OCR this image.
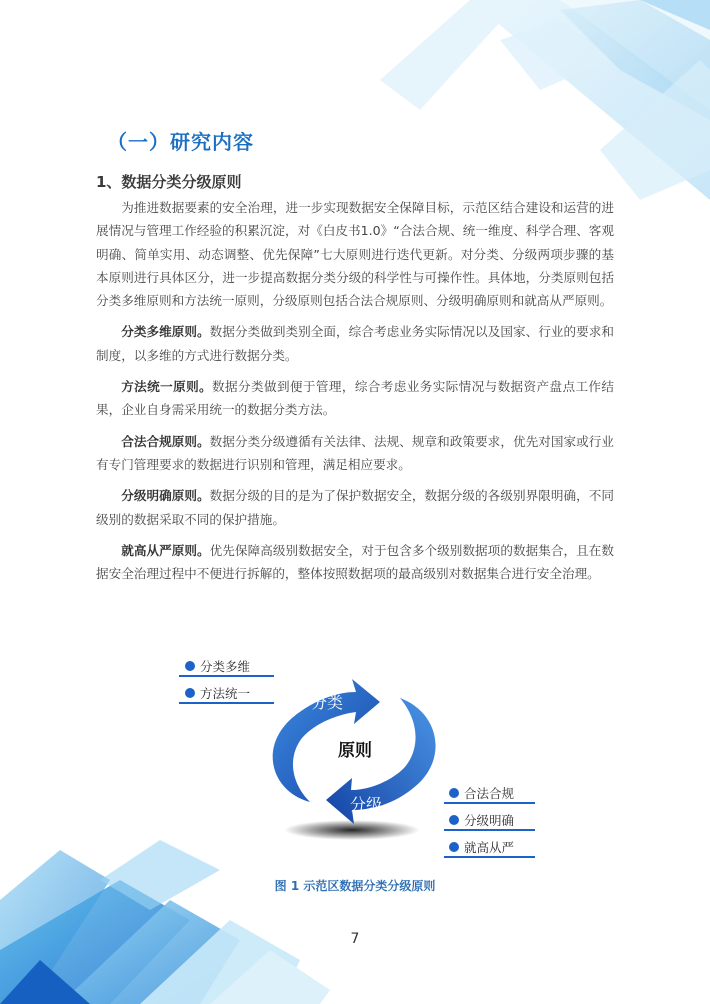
（一）研究内容
1、数据分类分级原则

为推进数据要素的安全治理，进一步实现数据安全保障目标，示范区结合建设和运营的进展情况与管理工作经验的积累沉淀，对《白皮书1.0》“合法合规、统一维度、科学合理、客观明确、简单实用、动态调整、优先保障”七大原则进行迭代更新。对分类、分级两项步骤的基本原则进行具体区分，进一步提高数据分类分级的科学性与可操作性。具体地，分类原则包括分类多维原则和方法统一原则，分级原则包括合法合规原则、分级明确原则和就高从严原则。

分类多维原则。数据分类做到类别全面，综合考虑业务实际情况以及国家、行业的要求和制度，以多维的方式进行数据分类。

方法统一原则。数据分类做到便于管理，综合考虑业务实际情况与数据资产盘点工作结果，企业自身需采用统一的数据分类方法。

合法合规原则。数据分类分级遵循有关法律、法规、规章和政策要求，优先对国家或行业有专门管理要求的数据进行识别和管理，满足相应要求。

分级明确原则。数据分级的目的是为了保护数据安全，数据分级的各级别界限明确，不同级别的数据采取不同的保护措施。

就高从严原则。优先保障高级别数据安全，对于包含多个级别数据项的数据集合，且在数据安全治理过程中不便进行拆解的，整体按照数据项的最高级别对数据集合进行安全治理。

原则
分类
分级
分类多维
方法统一
合法合规
分级明确
就高从严
图 1 示范区数据分类分级原则
7
